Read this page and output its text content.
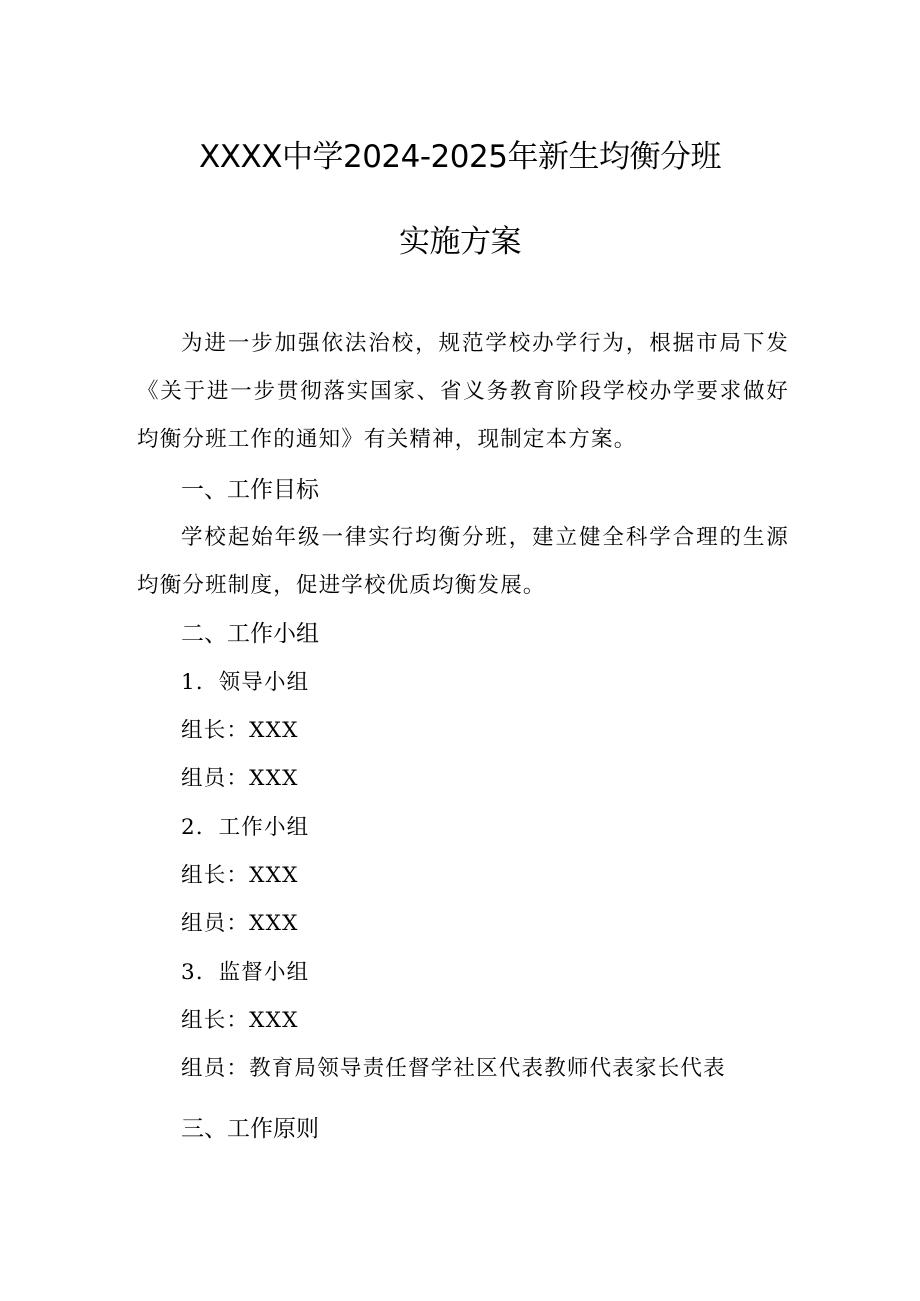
XXXX中学2024-2025年新生均衡分班
实施方案

为进一步加强依法治校，规范学校办学行为，根据市局下发《关于进一步贯彻落实国家、省义务教育阶段学校办学要求做好均衡分班工作的通知》有关精神，现制定本方案。

一、工作目标

学校起始年级一律实行均衡分班，建立健全科学合理的生源均衡分班制度，促进学校优质均衡发展。

二、工作小组

1．领导小组

组长：XXX

组员：XXX

2．工作小组

组长：XXX

组员：XXX

3．监督小组

组长：XXX

组员：教育局领导责任督学社区代表教师代表家长代表

三、工作原则
